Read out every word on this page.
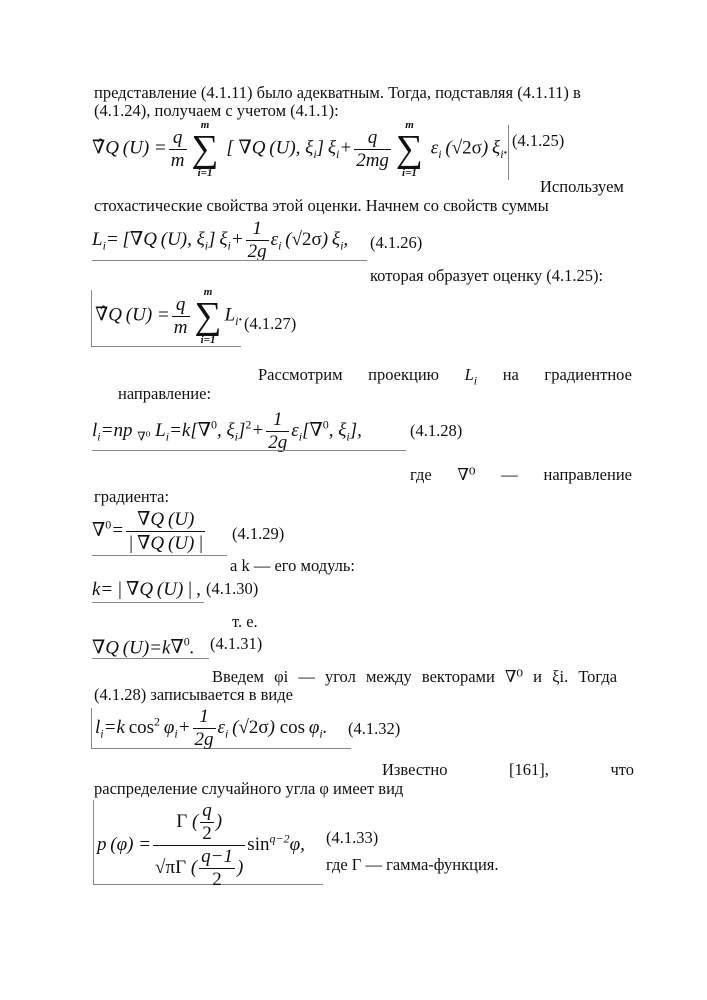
представление (4.1.11) было адекватным. Тогда, подставляя (4.1.11) в
(4.1.24), получаем с учетом (4.1.1):
∇̂Q $(U) = \frac{q}{m}$
m
∑
i=1
[ ∇Q (U), $\xi_i$] $\xi_i+ \frac{q}{2mg}$
m
∑
i=1
$\varepsilon_i$ (√2σ) $\xi_i$. (4.1.25)
Используем
стохастические свойства этой оценки. Начнем со свойств суммы
$L_i= [\nabla Q$ (U), $\xi_i$] $\xi_i+ \frac{1}{2g} \varepsilon_i$ (√2σ) $\xi_i$, (4.1.26)
которая образует оценку (4.1.25):
∇̂Q $(U) = \frac{q}{m}$
m
∑
i=1
$L_i$. (4.1.27)
Рассмотрим проекцию $L_i$ на градиентное
направление:
$l_i=np$ $_{\nabla^0}$ $L_i=k[\nabla^0$, $\xi_i]^2+ \frac{1}{2g} \varepsilon_i[\nabla^0$, $\xi_i$],	(4.1.28)
где ∇⁰ — направление
градиента:
$\nabla^0= \frac{\nabla Q (U)}{| \nabla Q (U) |} (4.1.29)$
а k — его модуль:
k= | ∇Q (U) | , (4.1.30)
т. е.
∇Q (U)=k∇$^0$. (4.1.31)
Введем φi — угол между векторами ∇⁰ и ξi. Тогда
(4.1.28) записывается в виде
$l_i=k$ $\cos^2 \varphi_i+ \frac{1}{2g} \varepsilon_i$ (√2σ) $\cos \varphi_i$. (4.1.32)
Известно	[161],	что
распределение случайного угла φ имеет вид
p $(\varphi) = \frac{\Gamma ( \frac{q}{2} )}{√\pi\Gamma ( \frac{q-1}{2} )} \sin^{q-2}\varphi$, (4.1.33)
где Γ — гамма-функция.
